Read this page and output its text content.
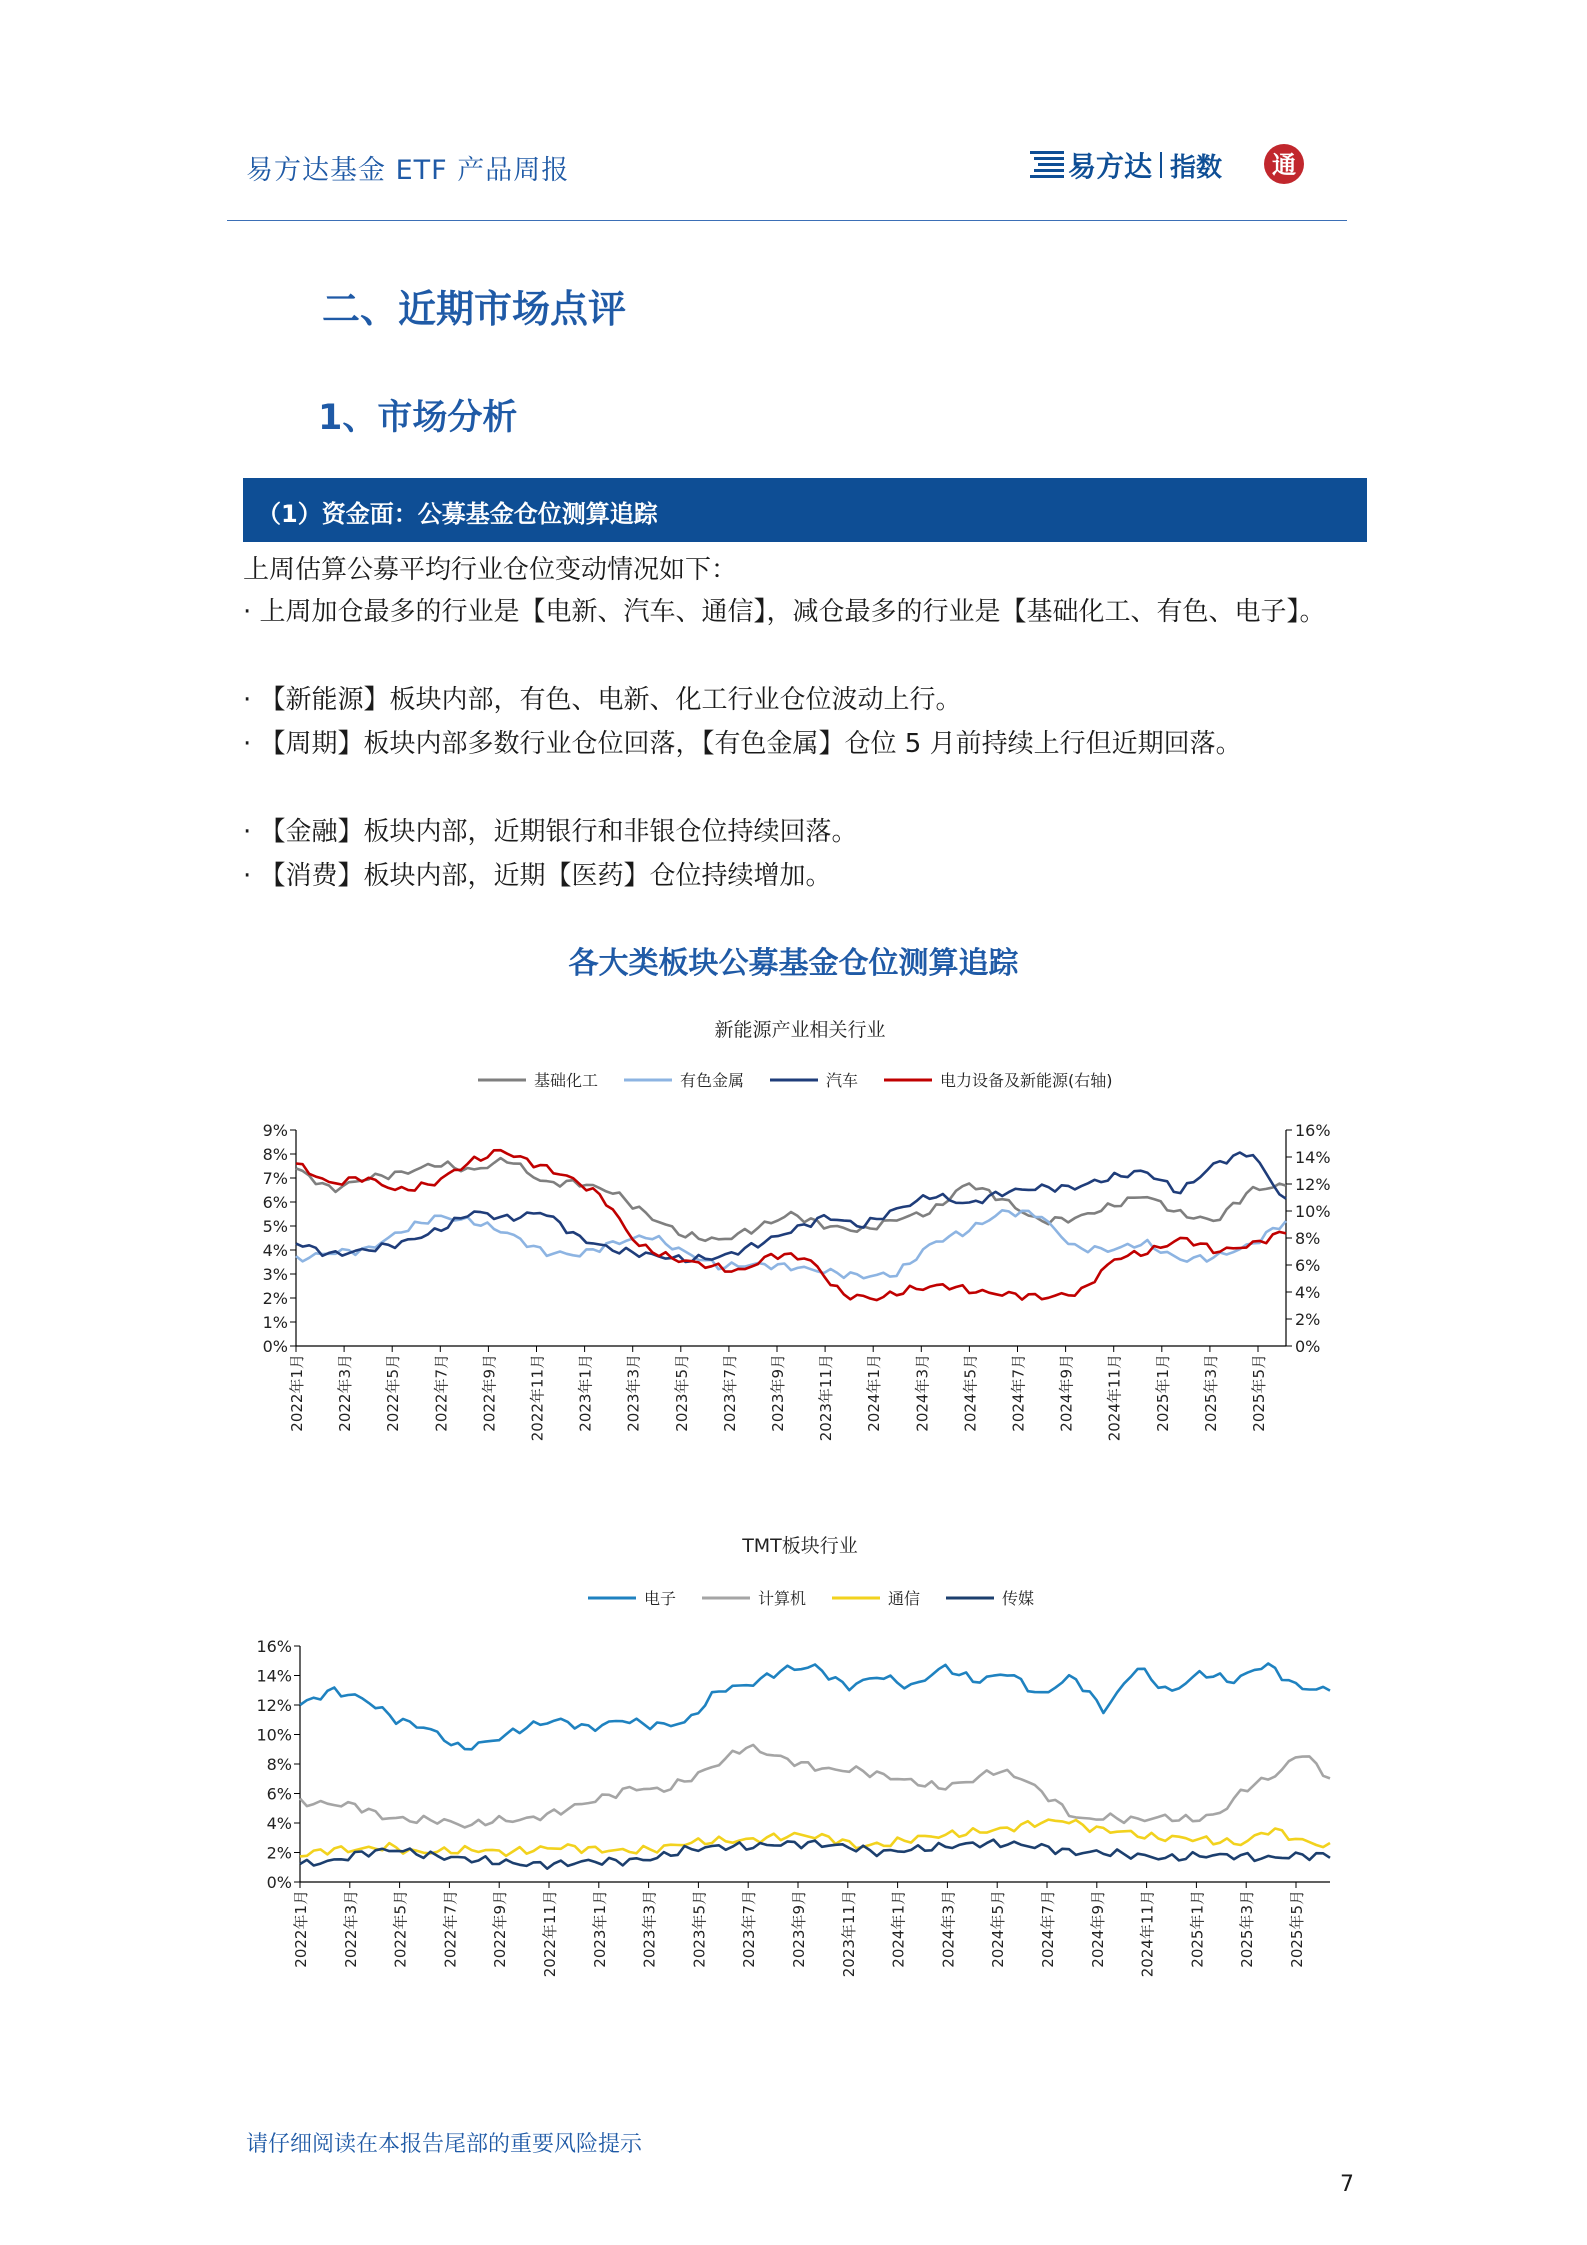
易方达基金 ETF 产品周报	易方达 指数 通
二、近期市场点评
1、市场分析
（1）资金面：公募基金仓位测算追踪
上周估算公募平均行业仓位变动情况如下：
· 上周加仓最多的行业是【电新、汽车、通信】，减仓最多的行业是【基础化工、有色、电子】。
· 【新能源】板块内部，有色、电新、化工行业仓位波动上行。
· 【周期】板块内部多数行业仓位回落，【有色金属】仓位 5 月前持续上行但近期回落。
· 【金融】板块内部，近期银行和非银仓位持续回落。
· 【消费】板块内部，近期【医药】仓位持续增加。
各大类板块公募基金仓位测算追踪
新能源产业相关行业
基础化工	有色金属	汽车	电力设备及新能源(右轴)
0%
1%
2%
3%
4%
5%
6%
7%
8%
9%
0%
2%
4%
6%
8%
10%
12%
14%
16%
2022年1月 2022年3月 2022年5月 2022年7月 2022年9月 2022年11月 2023年1月 2023年3月 2023年5月 2023年7月 2023年9月 2023年11月 2024年1月 2024年3月 2024年5月 2024年7月 2024年9月 2024年11月 2025年1月 2025年3月 2025年5月
TMT板块行业
电子	计算机	通信	传媒
0%
2%
4%
6%
8%
10%
12%
14%
16%
2022年1月 2022年3月 2022年5月 2022年7月 2022年9月 2022年11月 2023年1月 2023年3月 2023年5月 2023年7月 2023年9月 2023年11月 2024年1月 2024年3月 2024年5月 2024年7月 2024年9月 2024年11月 2025年1月 2025年3月 2025年5月
请仔细阅读在本报告尾部的重要风险提示
7
